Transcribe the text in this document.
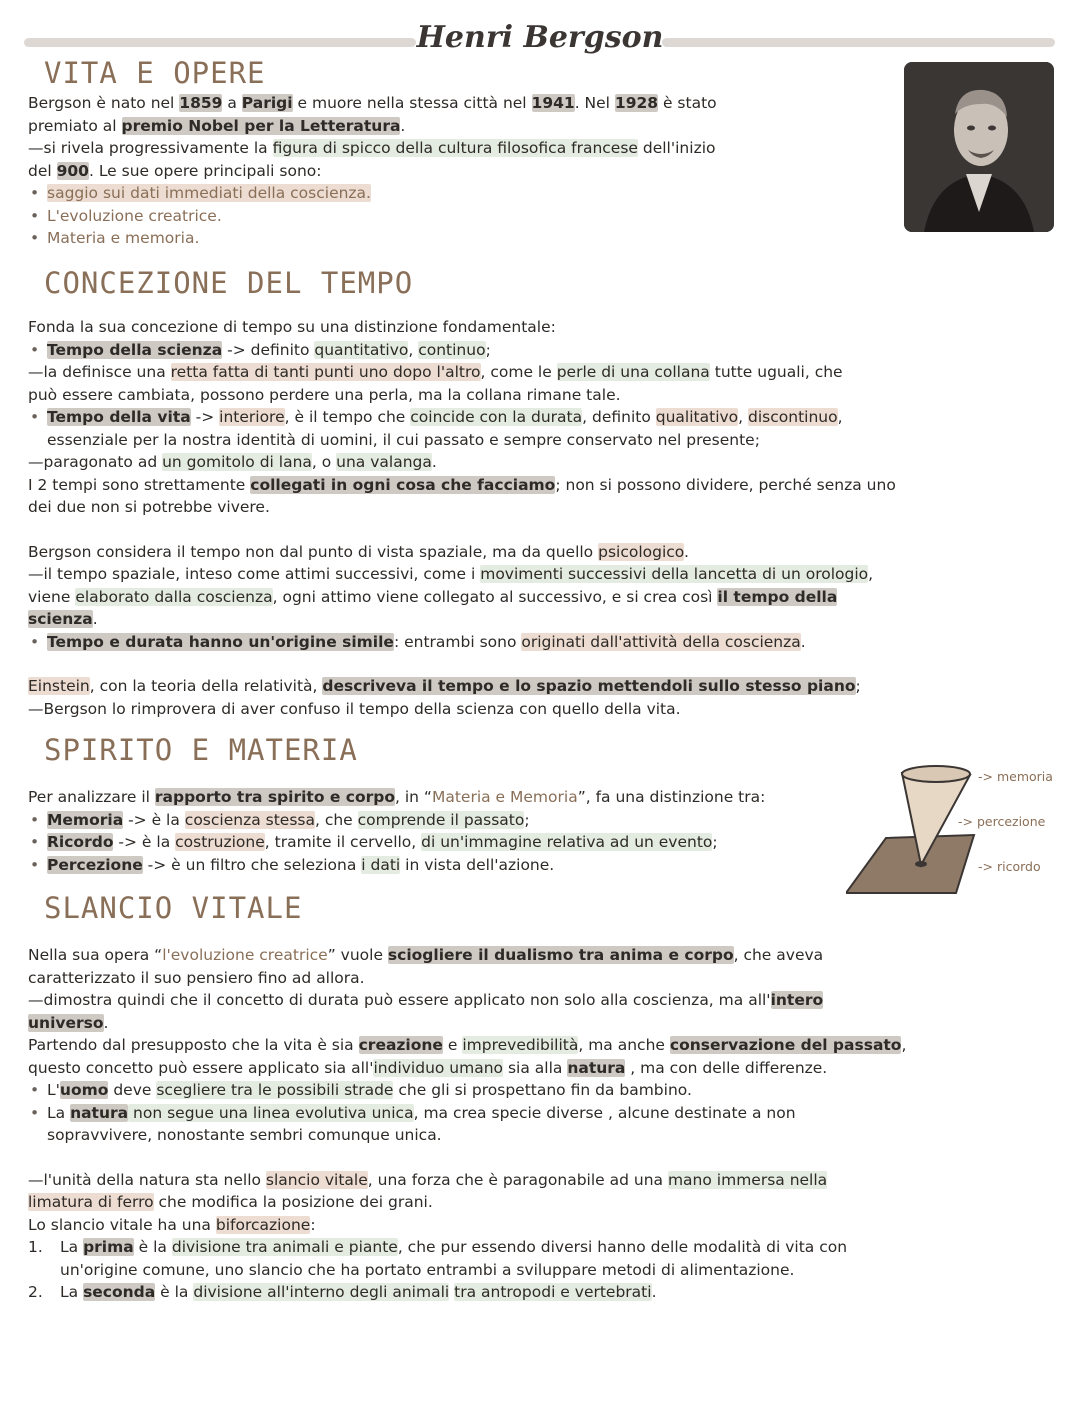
Henri Bergson
VITA E OPERE

Bergson è nato nel 1859 a Parigi e muore nella stessa città nel 1941. Nel 1928 è stato

premiato al premio Nobel per la Letteratura.

—si rivela progressivamente la figura di spicco della cultura filosofica francese dell'inizio

del 900. Le sue opere principali sono:

• saggio sui dati immediati della coscienza.

• L'evoluzione creatrice.

• Materia e memoria.

CONCEZIONE DEL TEMPO

Fonda la sua concezione di tempo su una distinzione fondamentale:

• Tempo della scienza -> definito quantitativo, continuo;

—la definisce una retta fatta di tanti punti uno dopo l'altro, come le perle di una collana tutte uguali, che

può essere cambiata, possono perdere una perla, ma la collana rimane tale.

• Tempo della vita -> interiore, è il tempo che coincide con la durata, definito qualitativo, discontinuo,

essenziale per la nostra identità di uomini, il cui passato e sempre conservato nel presente;

—paragonato ad un gomitolo di lana, o una valanga.

I 2 tempi sono strettamente collegati in ogni cosa che facciamo; non si possono dividere, perché senza uno

dei due non si potrebbe vivere.

Bergson considera il tempo non dal punto di vista spaziale, ma da quello psicologico.

—il tempo spaziale, inteso come attimi successivi, come i movimenti successivi della lancetta di un orologio,

viene elaborato dalla coscienza, ogni attimo viene collegato al successivo, e si crea così il tempo della

scienza.

• Tempo e durata hanno un'origine simile: entrambi sono originati dall'attività della coscienza.

Einstein, con la teoria della relatività, descriveva il tempo e lo spazio mettendoli sullo stesso piano;

—Bergson lo rimprovera di aver confuso il tempo della scienza con quello della vita.

SPIRITO E MATERIA

Per analizzare il rapporto tra spirito e corpo, in “Materia e Memoria”, fa una distinzione tra:

• Memoria -> è la coscienza stessa, che comprende il passato;

• Ricordo -> è la costruzione, tramite il cervello, di un'immagine relativa ad un evento;

• Percezione -> è un filtro che seleziona i dati in vista dell'azione.

-> memoria
-> percezione
-> ricordo
SLANCIO VITALE

Nella sua opera “l'evoluzione creatrice” vuole sciogliere il dualismo tra anima e corpo, che aveva

caratterizzato il suo pensiero fino ad allora.

—dimostra quindi che il concetto di durata può essere applicato non solo alla coscienza, ma all'intero

universo.

Partendo dal presupposto che la vita è sia creazione e imprevedibilità, ma anche conservazione del passato,

questo concetto può essere applicato sia all'individuo umano sia alla natura , ma con delle differenze.

• L'uomo deve scegliere tra le possibili strade che gli si prospettano fin da bambino.

• La natura non segue una linea evolutiva unica, ma crea specie diverse , alcune destinate a non

sopravvivere, nonostante sembri comunque unica.

—l'unità della natura sta nello slancio vitale, una forza che è paragonabile ad una mano immersa nella

limatura di ferro che modifica la posizione dei grani.

Lo slancio vitale ha una biforcazione:

1. La prima è la divisione tra animali e piante, che pur essendo diversi hanno delle modalità di vita con

un'origine comune, uno slancio che ha portato entrambi a sviluppare metodi di alimentazione.

2. La seconda è la divisione all'interno degli animali tra antropodi e vertebrati.
